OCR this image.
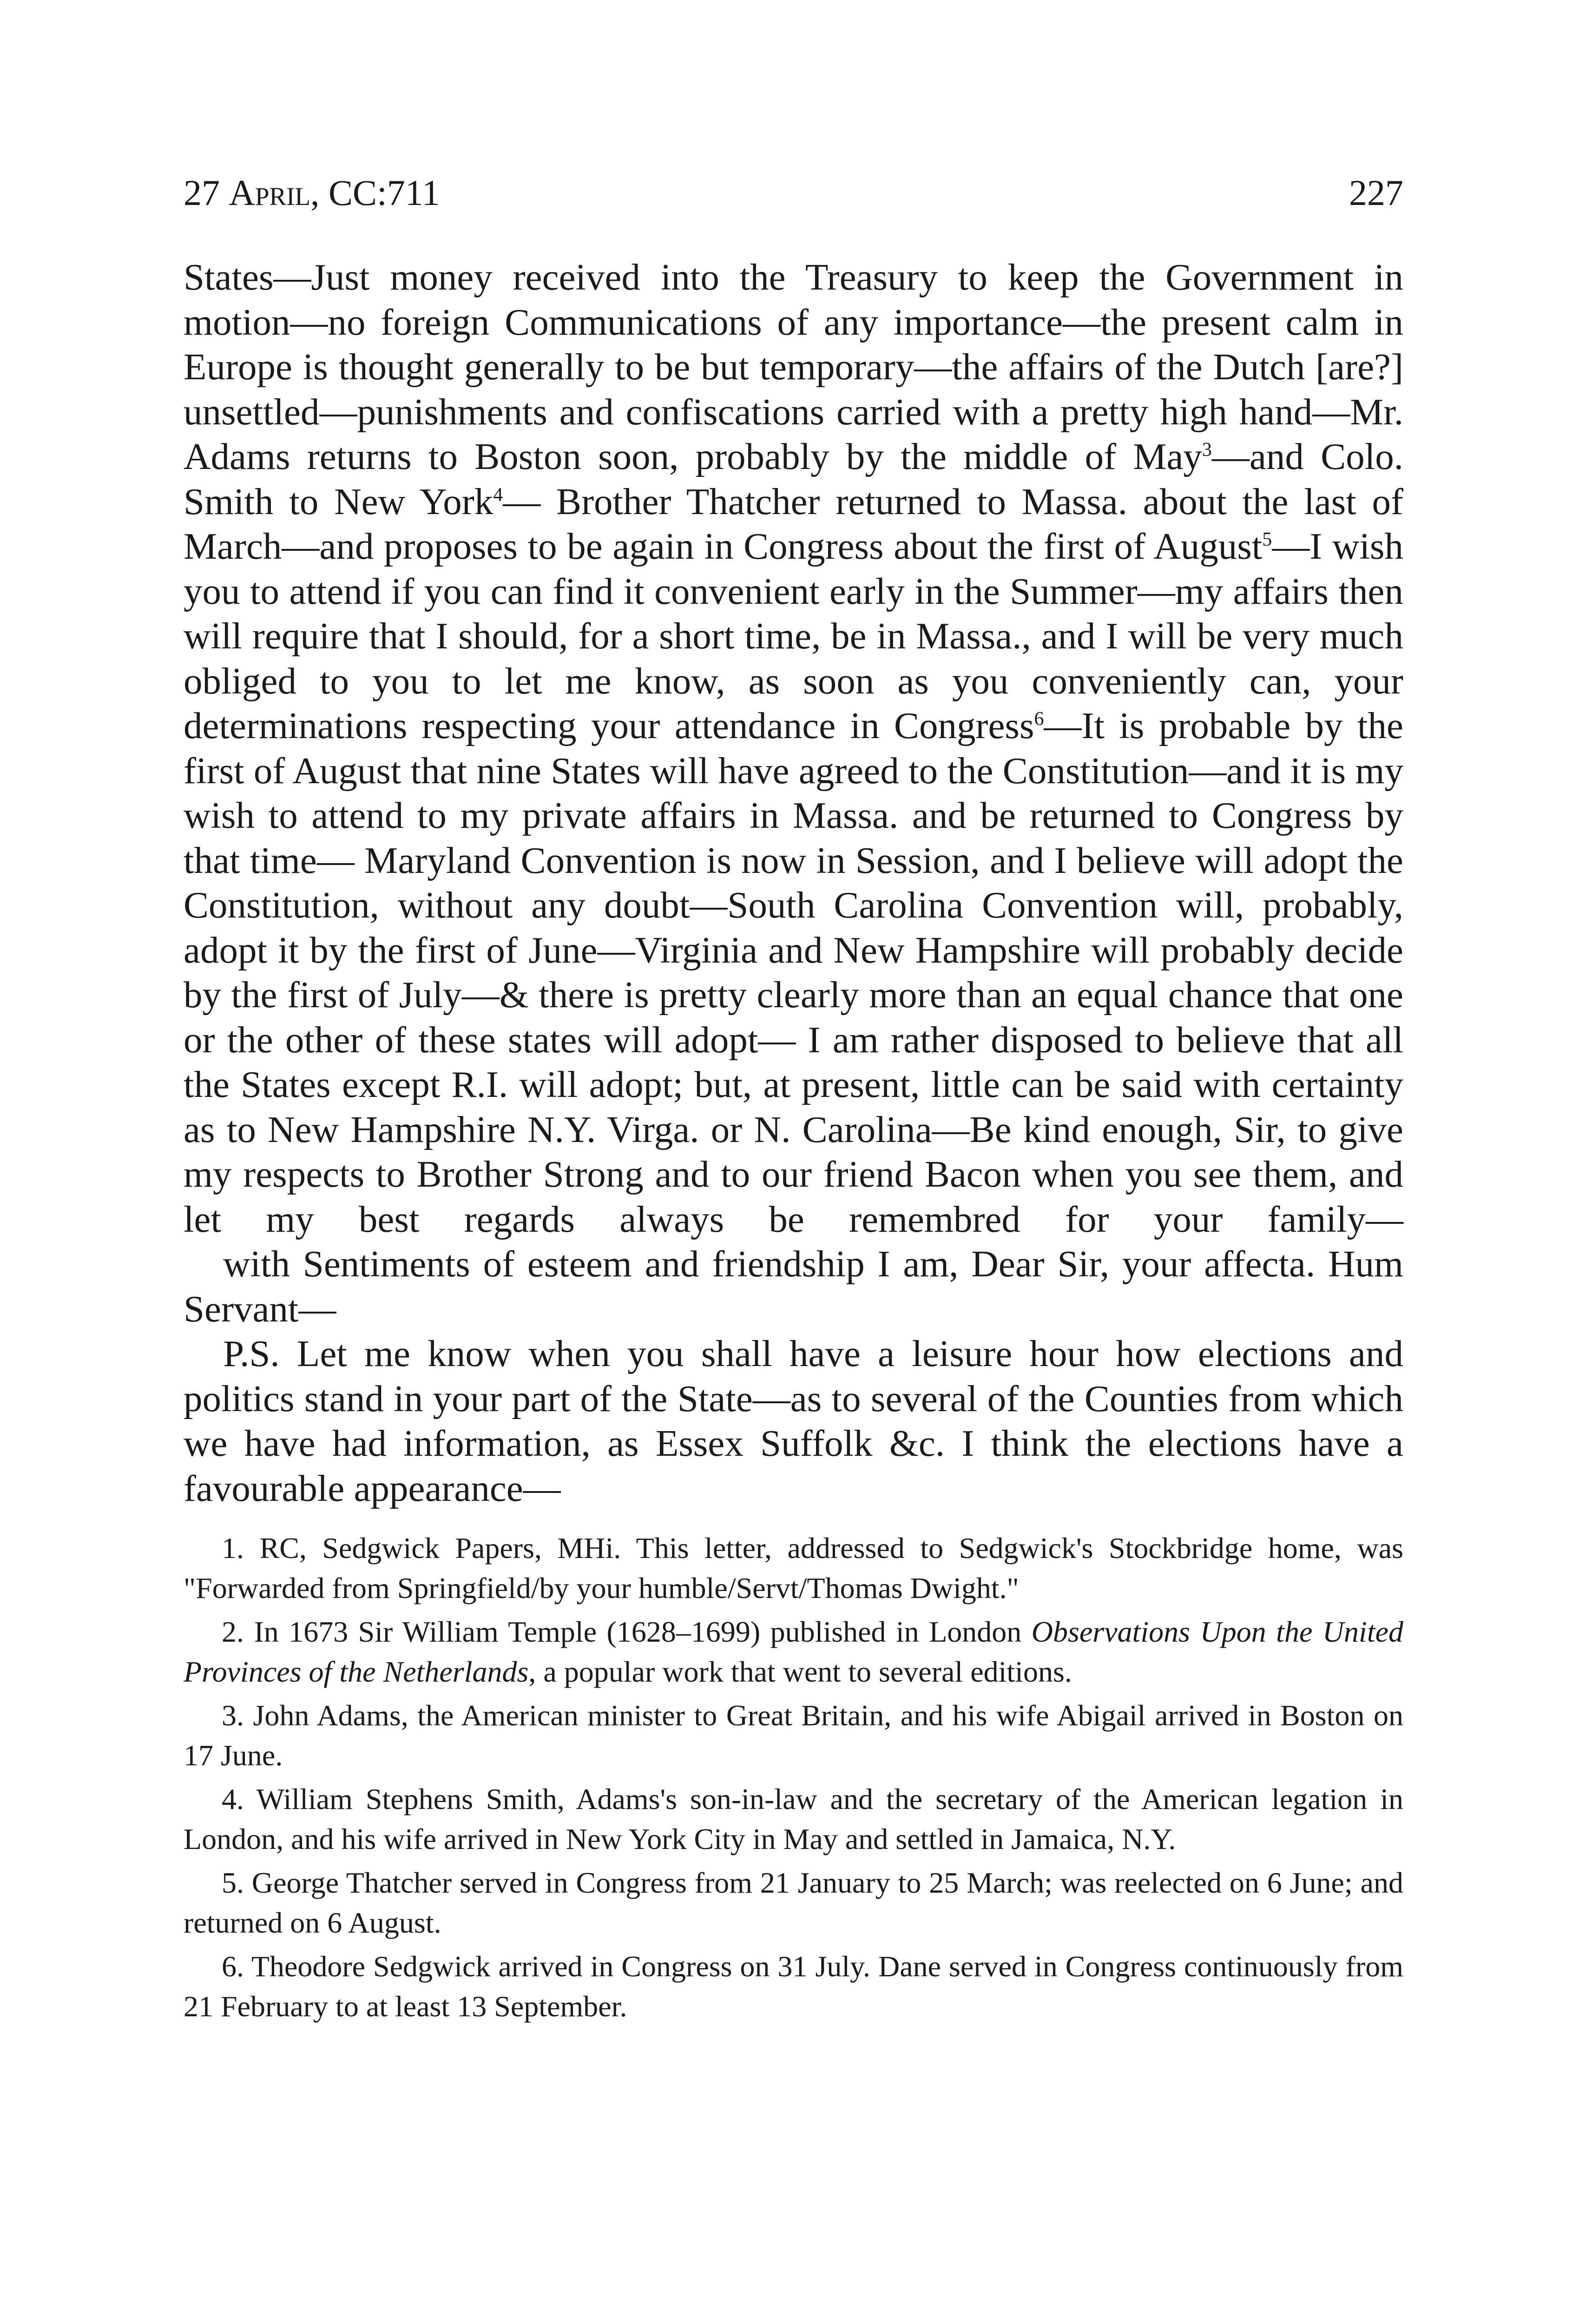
27 April, CC:711	227

States—Just money received into the Treasury to keep the Government in motion—no foreign Communications of any importance—the present calm in Europe is thought generally to be but temporary—the affairs of the Dutch [are?] unsettled—punishments and confiscations carried with a pretty high hand—Mr. Adams returns to Boston soon, probably by the middle of May$^3$—and Colo. Smith to New York$^4$— Brother Thatcher returned to Massa. about the last of March—and proposes to be again in Congress about the first of August$^5$—I wish you to attend if you can find it convenient early in the Summer—my affairs then will require that I should, for a short time, be in Massa., and I will be very much obliged to you to let me know, as soon as you conveniently can, your determinations respecting your attendance in Congress$^6$—It is probable by the first of August that nine States will have agreed to the Constitution—and it is my wish to attend to my private affairs in Massa. and be returned to Congress by that time— Maryland Convention is now in Session, and I believe will adopt the Constitution, without any doubt—South Carolina Convention will, probably, adopt it by the first of June—Virginia and New Hampshire will probably decide by the first of July—& there is pretty clearly more than an equal chance that one or the other of these states will adopt— I am rather disposed to believe that all the States except R.I. will adopt; but, at present, little can be said with certainty as to New Hampshire N.Y. Virga. or N. Carolina—Be kind enough, Sir, to give my respects to Brother Strong and to our friend Bacon when you see them, and let my best regards always be remembred for your family—

with Sentiments of esteem and friendship I am, Dear Sir, your affecta. Hum Servant—

P.S. Let me know when you shall have a leisure hour how elections and politics stand in your part of the State—as to several of the Counties from which we have had information, as Essex Suffolk &c. I think the elections have a favourable appearance—

1. RC, Sedgwick Papers, MHi. This letter, addressed to Sedgwick's Stockbridge home, was "Forwarded from Springfield/by your humble/Servt/Thomas Dwight."

2. In 1673 Sir William Temple (1628–1699) published in London Observations Upon the United Provinces of the Netherlands, a popular work that went to several editions.

3. John Adams, the American minister to Great Britain, and his wife Abigail arrived in Boston on 17 June.

4. William Stephens Smith, Adams's son-in-law and the secretary of the American legation in London, and his wife arrived in New York City in May and settled in Jamaica, N.Y.

5. George Thatcher served in Congress from 21 January to 25 March; was reelected on 6 June; and returned on 6 August.

6. Theodore Sedgwick arrived in Congress on 31 July. Dane served in Congress continuously from 21 February to at least 13 September.
